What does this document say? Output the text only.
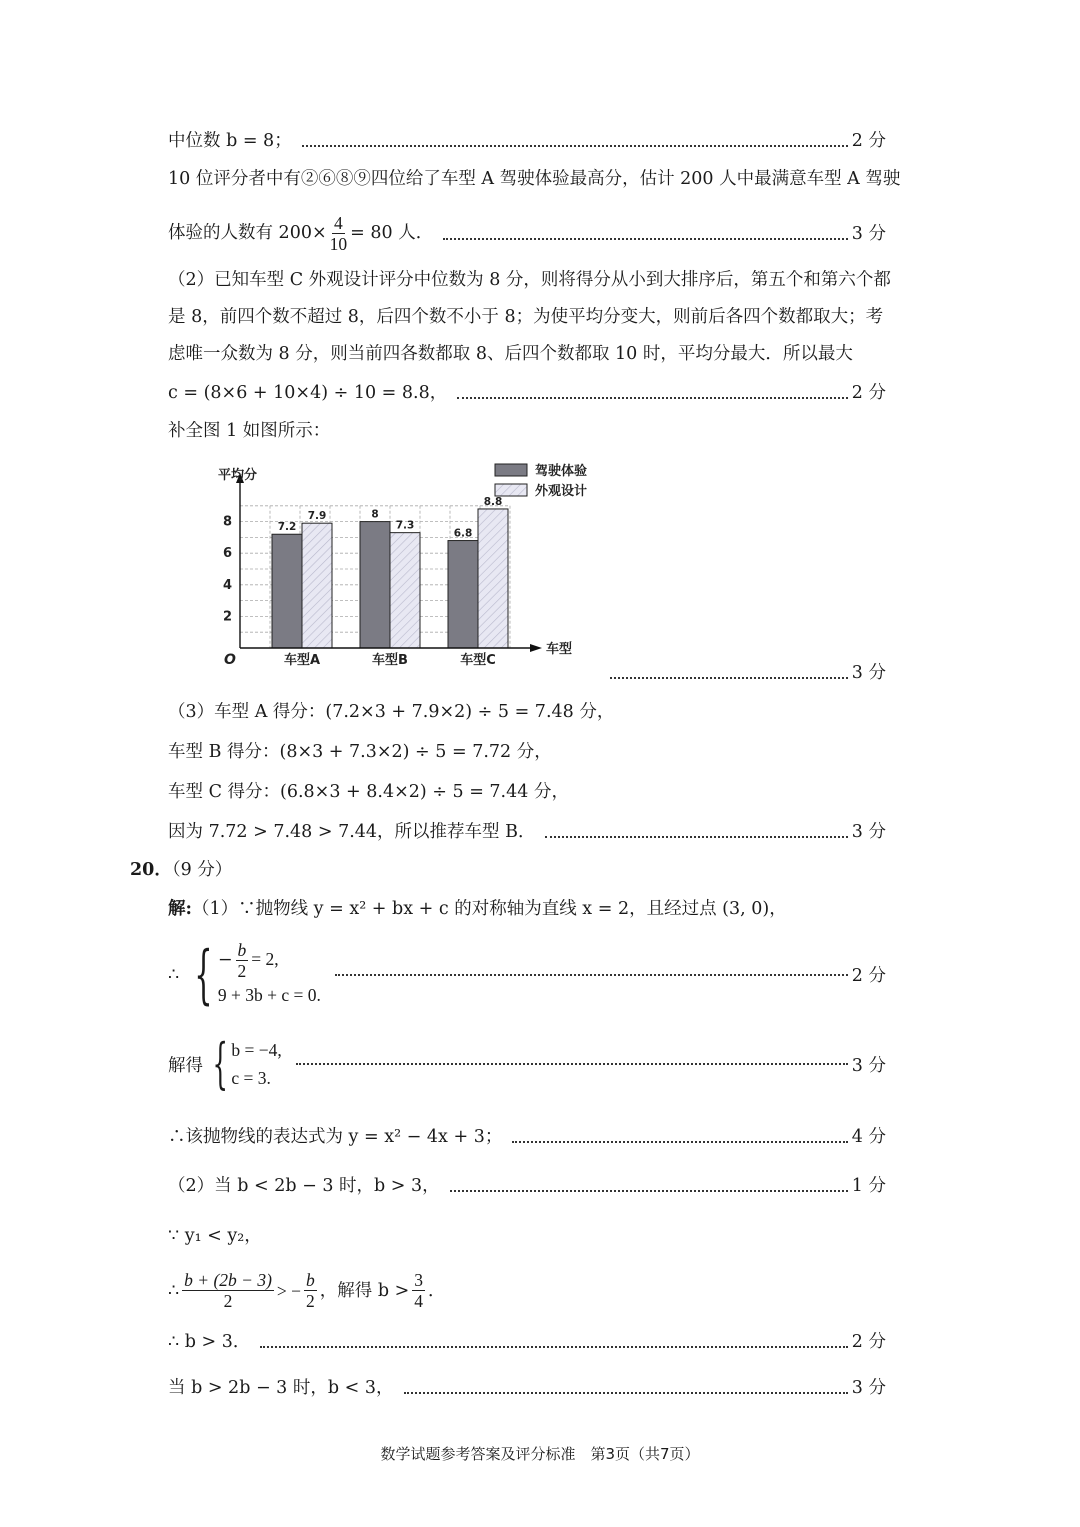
中位数 b = 8；	2 分
10 位评分者中有②⑥⑧⑨四位给了车型 A 驾驶体验最高分，估计 200 人中最满意车型 A 驾驶
体验的人数有 $200\times \frac{4}{10} = 80$ 人．	3 分
（2）已知车型 C 外观设计评分中位数为 8 分，则将得分从小到大排序后，第五个和第六个都
是 8，前四个数不超过 8，后四个数不小于 8；为使平均分变大，则前后各四个数都取大；考
虑唯一众数为 8 分，则当前四各数都取 8、后四个数都取 10 时，平均分最大．所以最大
c = (8×6 + 10×4) ÷ 10 = 8.8，	2 分
补全图 1 如图所示：
7.2
8
6.8
7.9
7.3
8.8
2
4
6
8
O
平均分
车型
车型A	车型B	车型C
驾驶体验
外观设计
3 分
（3）车型 A 得分：(7.2×3 + 7.9×2) ÷ 5 = 7.48 分，
车型 B 得分：(8×3 + 7.3×2) ÷ 5 = 7.72 分，
车型 C 得分：(6.8×3 + 8.4×2) ÷ 5 = 7.44 分，
因为 7.72 > 7.48 > 7.44，所以推荐车型 B．	3 分
20．（9 分）
解:（1）∵抛物线 y = x² + bx + c 的对称轴为直线 x = 2，且经过点 (3, 0)，
∴ { − $\frac{b}{2} = 2$,
9 + 3b + c = 0.
2 分
解得 { b = −4,
c = 3.
3 分
∴该抛物线的表达式为 y = x² − 4x + 3；	4 分
（2）当 b < 2b − 3 时，b > 3，	1 分
∵ y₁ < y₂，
∴ $\frac{b + (2b - 3)}{2}$ > − $\frac{b}{2}$ ，解得 $b > \frac{3}{4}$ ．
∴ b > 3．	2 分
当 b > 2b − 3 时，b < 3，	3 分
数学试题参考答案及评分标准　第3页（共7页）
